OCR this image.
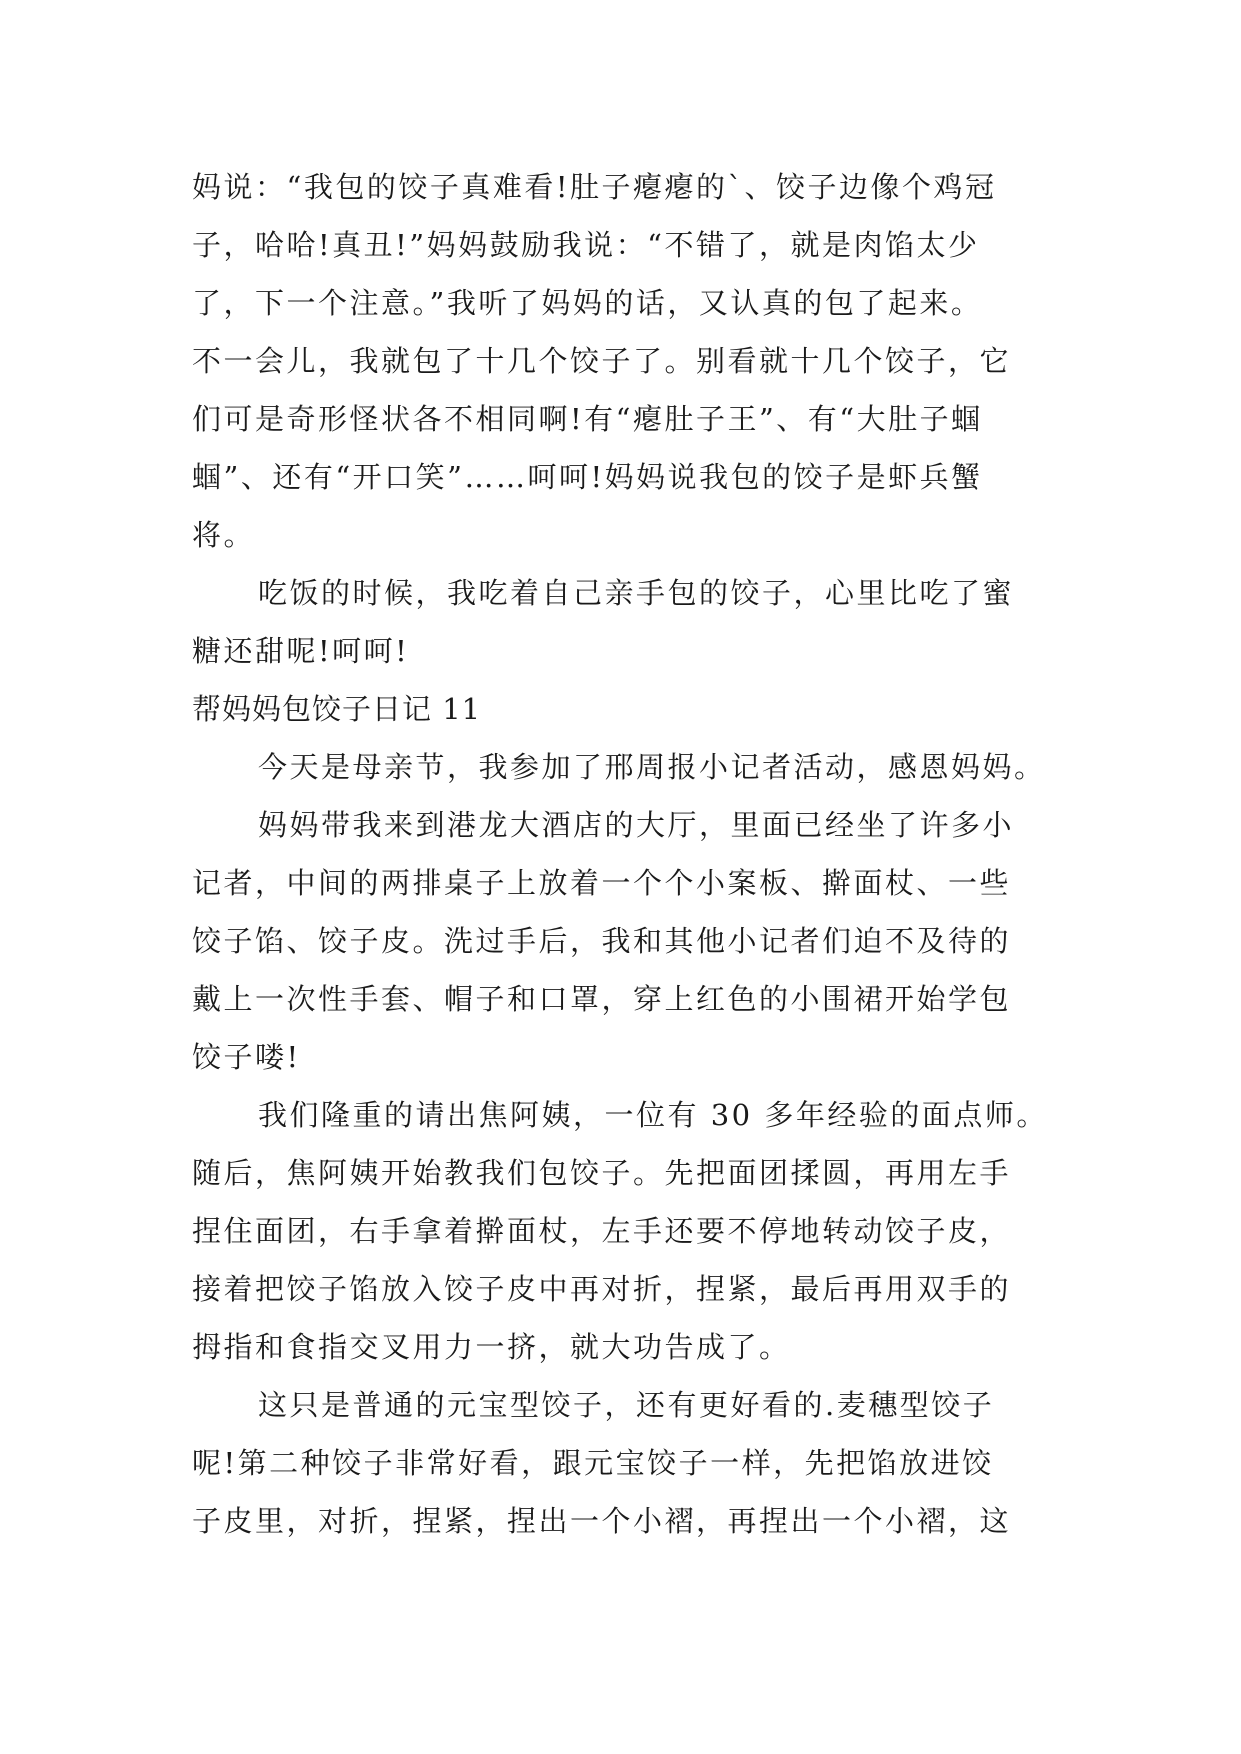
妈说：“我包的饺子真难看!肚子瘪瘪的`、饺子边像个鸡冠
子，哈哈!真丑!”妈妈鼓励我说：“不错了，就是肉馅太少
了，下一个注意。”我听了妈妈的话，又认真的包了起来。
不一会儿，我就包了十几个饺子了。别看就十几个饺子，它
们可是奇形怪状各不相同啊!有“瘪肚子王”、有“大肚子蝈
蝈”、还有“开口笑”……呵呵!妈妈说我包的饺子是虾兵蟹
将。
吃饭的时候，我吃着自己亲手包的饺子，心里比吃了蜜
糖还甜呢!呵呵!
帮妈妈包饺子日记 11
今天是母亲节，我参加了邢周报小记者活动，感恩妈妈。
妈妈带我来到港龙大酒店的大厅，里面已经坐了许多小
记者，中间的两排桌子上放着一个个小案板、擀面杖、一些
饺子馅、饺子皮。洗过手后，我和其他小记者们迫不及待的
戴上一次性手套、帽子和口罩，穿上红色的小围裙开始学包
饺子喽!
我们隆重的请出焦阿姨，一位有 30 多年经验的面点师。
随后，焦阿姨开始教我们包饺子。先把面团揉圆，再用左手
捏住面团，右手拿着擀面杖，左手还要不停地转动饺子皮，
接着把饺子馅放入饺子皮中再对折，捏紧，最后再用双手的
拇指和食指交叉用力一挤，就大功告成了。
这只是普通的元宝型饺子，还有更好看的.麦穗型饺子
呢!第二种饺子非常好看，跟元宝饺子一样，先把馅放进饺
子皮里，对折，捏紧，捏出一个小褶，再捏出一个小褶，这
